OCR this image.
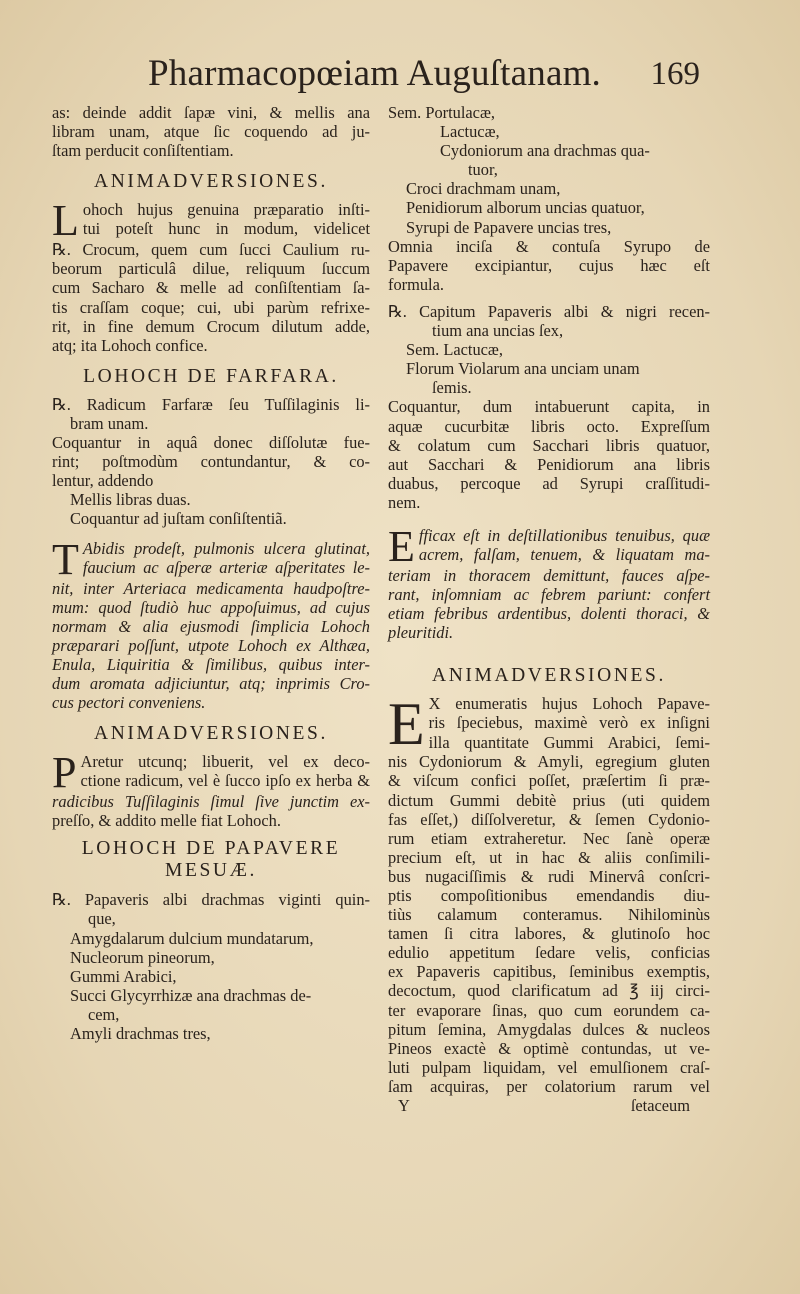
Pharmacopœiam Auguſtanam. 169
as: deinde addit ſapæ vini, & mellis ana
libram unam, atque ſic coquendo ad ju-
ſtam perducit conſiſtentiam.
ANIMADVERSIONES.
L ohoch hujus genuina præparatio inſti-
tui poteſt hunc in modum, videlicet
℞. Crocum, quem cum ſucci Caulium ru-
beorum particulâ dilue, reliquum ſuccum
cum Sacharo & melle ad conſiſtentiam ſa-
tis craſſam coque; cui, ubi parùm refrixe-
rit, in fine demum Crocum dilutum adde,
atq; ita Lohoch confice.
LOHOCH DE FARFARA.
℞. Radicum Farfaræ ſeu Tuſſilaginis li-
bram unam.
Coquantur in aquâ donec diſſolutæ fue-
rint; poſtmodùm contundantur, & co-
lentur, addendo
Mellis libras duas.
Coquantur ad juſtam conſiſtentiã.
T Abidis prodeſt, pulmonis ulcera glutinat,
faucium ac aſperæ arteriæ aſperitates le-
nit, inter Arteriaca medicamenta haudpoſtre-
mum: quod ſtudiò huc appoſuimus, ad cujus
normam & alia ejusmodi ſimplicia Lohoch
præparari poſſunt, utpote Lohoch ex Althæa,
Enula, Liquiritia & ſimilibus, quibus inter-
dum aromata adjiciuntur, atq; inprimis Cro-
cus pectori conveniens.
ANIMADVERSIONES.
P Aretur utcunq; libuerit, vel ex deco-
ctione radicum, vel è ſucco ipſo ex herba &
radicibus Tuſſilaginis ſimul ſive junctim ex-
preſſo, & addito melle fiat Lohoch.
LOHOCH DE PAPAVERE
MESUÆ.
℞. Papaveris albi drachmas viginti quin-
que,
Amygdalarum dulcium mundatarum,
Nucleorum pineorum,
Gummi Arabici,
Succi Glycyrrhizæ ana drachmas de-
cem,
Amyli drachmas tres,
Sem. Portulacæ,
Lactucæ,
Cydoniorum ana drachmas qua-
tuor,
Croci drachmam unam,
Penidiorum alborum uncias quatuor,
Syrupi de Papavere uncias tres,
Omnia inciſa & contuſa Syrupo de
Papavere excipiantur, cujus hæc eſt
formula.
℞. Capitum Papaveris albi & nigri recen-
tium ana uncias ſex,
Sem. Lactucæ,
Florum Violarum ana unciam unam
ſemis.
Coquantur, dum intabuerunt capita, in
aquæ cucurbitæ libris octo. Expreſſum
& colatum cum Sacchari libris quatuor,
aut Sacchari & Penidiorum ana libris
duabus, percoque ad Syrupi craſſitudi-
nem.
E fficax eſt in deſtillationibus tenuibus, quæ
acrem, falſam, tenuem, & liquatam ma-
teriam in thoracem demittunt, fauces aſpe-
rant, inſomniam ac febrem pariunt: confert
etiam febribus ardentibus, dolenti thoraci, &
pleuritidi.
ANIMADVERSIONES.
E X enumeratis hujus Lohoch Papave-
ris ſpeciebus, maximè verò ex inſigni
illa quantitate Gummi Arabici, ſemi-
nis Cydoniorum & Amyli, egregium gluten
& viſcum confici poſſet, præſertim ſi præ-
dictum Gummi debitè prius (uti quidem
fas eſſet,) diſſolveretur, & ſemen Cydonio-
rum etiam extraheretur. Nec ſanè operæ
precium eſt, ut in hac & aliis conſimili-
bus nugaciſſimis & rudi Minervâ conſcri-
ptis compoſitionibus emendandis diu-
tiùs calamum conteramus. Nihilominùs
tamen ſi citra labores, & glutinoſo hoc
edulio appetitum ſedare velis, conficias
ex Papaveris capitibus, ſeminibus exemptis,
decoctum, quod clarificatum ad ℥ iij circi-
ter evaporare ſinas, quo cum eorundem ca-
pitum ſemina, Amygdalas dulces & nucleos
Pineos exactè & optimè contundas, ut ve-
luti pulpam liquidam, vel emulſionem craſ-
ſam acquiras, per colatorium rarum vel
Y	ſetaceum
